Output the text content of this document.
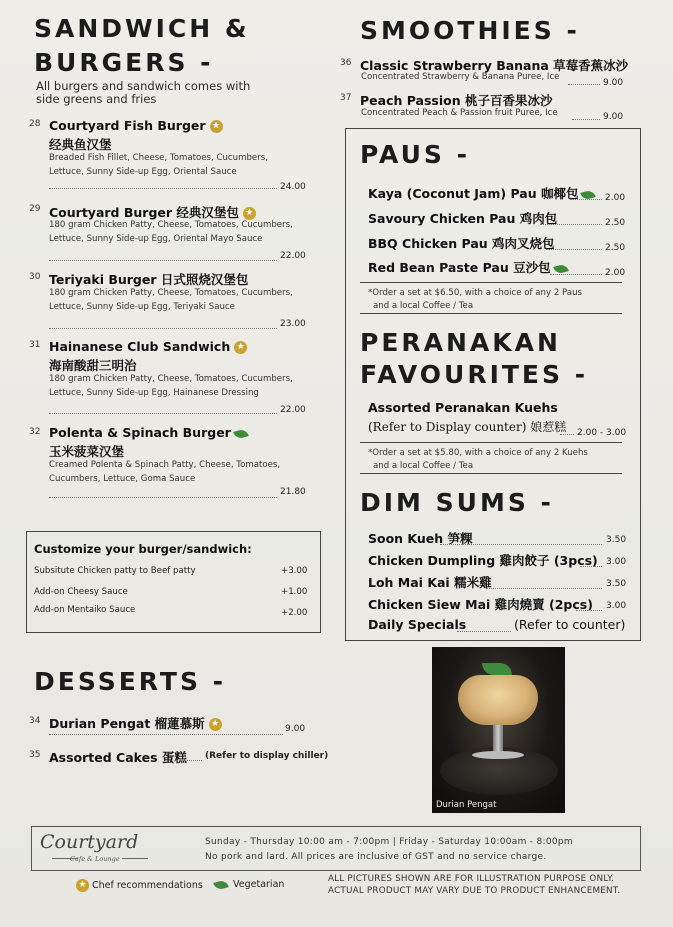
SANDWICH &
BURGERS -
All burgers and sandwich comes with
side greens and fries
28 Courtyard Fish Burger ★
经典鱼汉堡
Breaded Fish Fillet, Cheese, Tomatoes, Cucumbers,
Lettuce, Sunny Side-up Egg, Oriental Sauce
24.00
29 Courtyard Burger 经典汉堡包 ★
180 gram Chicken Patty, Cheese, Tomatoes, Cucumbers,
Lettuce, Sunny Side-up Egg, Oriental Mayo Sauce
22.00
30 Teriyaki Burger 日式照烧汉堡包
180 gram Chicken Patty, Cheese, Tomatoes, Cucumbers,
Lettuce, Sunny Side-up Egg, Teriyaki Sauce
23.00
31 Hainanese Club Sandwich ★
海南酸甜三明治
180 gram Chicken Patty, Cheese, Tomatoes, Cucumbers,
Lettuce, Sunny Side-up Egg, Hainanese Dressing
22.00
32 Polenta & Spinach Burger
玉米菠菜汉堡
Creamed Polenta & Spinach Patty, Cheese, Tomatoes,
Cucumbers, Lettuce, Goma Sauce
21.80
Customize your burger/sandwich:
Subsitute Chicken patty to Beef patty	+3.00
Add-on Cheesy Sauce	+1.00
Add-on Mentaiko Sauce	+2.00
DESSERTS -
34 Durian Pengat 榴蓮慕斯 ★	9.00
35 Assorted Cakes 蛋糕 (Refer to display chiller)
SMOOTHIES -
36 Classic Strawberry Banana 草莓香蕉冰沙
Concentrated Strawberry & Banana Puree, Ice
9.00
37 Peach Passion 桃子百香果冰沙
Concentrated Peach & Passion fruit Puree, Ice	9.00
PAUS -
Kaya (Coconut Jam) Pau 咖椰包	2.00
Savoury Chicken Pau 鸡肉包	2.50
BBQ Chicken Pau 鸡肉叉烧包	2.50
Red Bean Paste Pau 豆沙包	2.00
*Order a set at $6.50, with a choice of any 2 Paus
and a local Coffee / Tea
PERANAKAN
FAVOURITES -
Assorted Peranakan Kuehs
(Refer to Display counter) 娘惹糕 2.00 - 3.00
*Order a set at $5.80, with a choice of any 2 Kuehs
and a local Coffee / Tea
DIM SUMS -
Soon Kueh 笋粿	3.50
Chicken Dumpling 雞肉餃子 (3pcs) 3.00
Loh Mai Kai 糯米雞	3.50
Chicken Siew Mai 雞肉燒賣 (2pcs) 3.00
Daily Specials	(Refer to counter)
Durian Pengat
Courtyard
Cafe & Lounge
Sunday - Thursday 10:00 am - 7:00pm | Friday - Saturday 10:00am - 8:00pm
No pork and lard. All prices are inclusive of GST and no service charge.
★ Chef recommendations	Vegetarian	ALL PICTURES SHOWN ARE FOR ILLUSTRATION PURPOSE ONLY.
ACTUAL PRODUCT MAY VARY DUE TO PRODUCT ENHANCEMENT.
